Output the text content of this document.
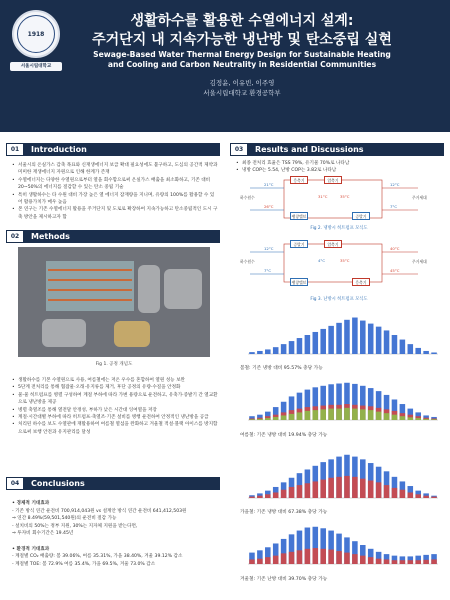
1918
서울시립대학교
생활하수를 활용한 수열에너지 설계:
주거단지 내 지속가능한 냉난방 및 탄소중립 실현
Sewage-Based Water Thermal Energy Design for Sustainable Heating
and Cooling and Carbon Neutrality in Residential Communities
김정윤, 이유빈, 이주영
서울시립대학교 환경공학부
01	Introduction
• 서울시의 온실가스 감축 목표와 신재생에너지 보급 확대 필요성에도 불구하고, 도심의 공간적 제약과 미미한 재생에너지 자원으로 인해 한계가 존재
• 수열에너지는 다양한 수열원으로부터 열을 회수함으로써 온실가스 배출을 최소화하고, 기존 대비 20~50%의 에너지를 절감할 수 있는 탄소 중립 기술
• 특히 생활하수는 타 수원 대비 가장 높은 열 에너지 잠재량을 지니며, 유량의 100%를 활용할 수 있어 활용가치가 매우 높음
• 본 연구는 기존 수열에너지 활용을 주거단지 및 도로로 확장하여 지속가능하고 탄소중립적인 도시 구축 방안을 제시하고자 함
02	Methods
Fig 1. 공정 개념도
• 생활하수를 기본 수열원으로 사용, 여름철에는 저온 우수를 혼합하여 열원 성능 보완
• 5단계 전처리를 통해 협잡물·오래·유지류를 제거, 후단 공정의 유량·수질을 안정화
• 물-물 히트펌프를 병렬 구성하여 계절 부하에 따라 가변 용량으로 운전하고, 유축가·증발기 간 열교환으로 냉난방을 제공
• 병렬 축열조를 통해 열전달 안정성, 부하가 낮은 시간대 잉여열을 저장
• 계절·시간대별 부하에 따라 히트펌프·축열조·기존 설비를 병행 운전하여 안정적인 냉난방을 공급
• 처리된 하수를 보도 수열관에 재활용하여 여름철 열섬을 완화하고 겨울철 적설·블랙 아이스를 방지함으로써 보행 안전과 유지관리를 달성
04	Conclusions
• 경제적 기대효과
- 기존 방식 연간 운전비 700,914,043원 vs 설계안 방식 연간 운전비 641,412,503원
⇒ 연간 8.49%(59,501,540원)의 운전비 절감 가능
- 설치비의 50%는 정부 지원, 30%는 지자체 지원을 받는다면,
⇒ 투자비 회수기간은 19.45년
• 환경적 기대효과
- 계절별 CO₂ 배출량: 봄 39.06%, 여름 35.31%, 가을 38.40%, 겨울 39.12% 감소
- 계절별 TOE: 봄 72.9% 여름 35.4%, 가을 69.5%, 겨울 73.0% 감소
03	Results and Discussions
• 최종 전처리 효율은 TSS 79%, 유기물 70%로 나타남
• 냉방 COP는 5.54, 난방 COP는 3.82로 나타남
하수원수	주거세대
응축기	압축기
팽창밸브	증발기
21°C
26°C
31°C	35°C
12°C
7°C
Fig 2. 냉방시 히트펌프 모식도
하수원수	주거세대
증발기	압축기
팽창밸브	응축기
12°C
7°C
4°C	35°C
40°C
45°C
Fig 3. 난방시 히트펌프 모식도
봄철: 기존 냉방 대비 95.57% 충당 가능
여름철: 기존 냉방 대비 19.94% 충당 가능
가을철: 기존 냉방 대비 67.38% 충당 가능
겨울철: 기존 난방 대비 39.70% 충당 가능
